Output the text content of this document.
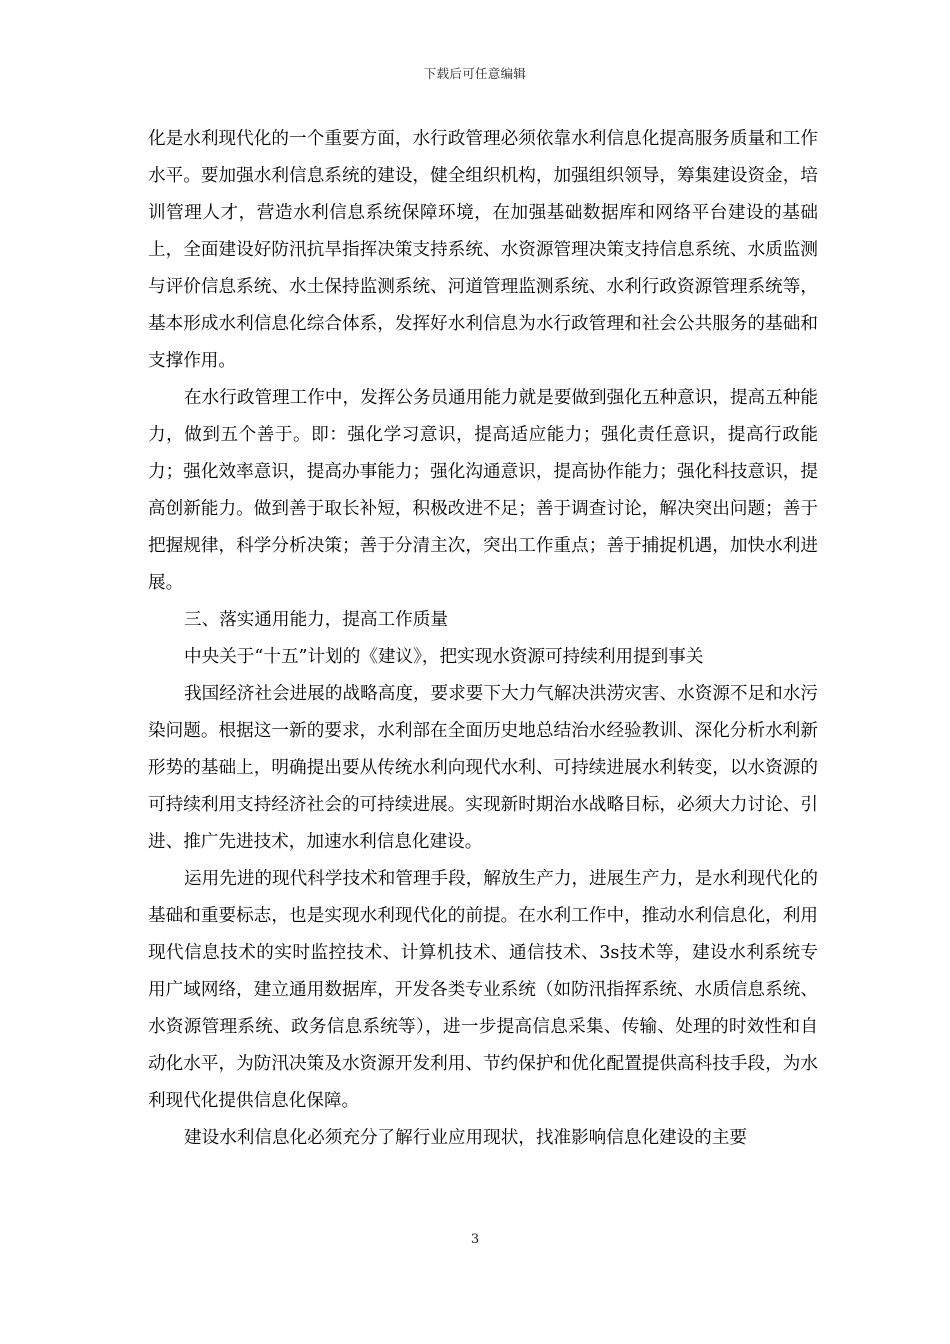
下载后可任意编辑

化是水利现代化的一个重要方面，水行政管理必须依靠水利信息化提高服务质量和工作水平。要加强水利信息系统的建设，健全组织机构，加强组织领导，筹集建设资金，培训管理人才，营造水利信息系统保障环境，在加强基础数据库和网络平台建设的基础上，全面建设好防汛抗旱指挥决策支持系统、水资源管理决策支持信息系统、水质监测与评价信息系统、水土保持监测系统、河道管理监测系统、水利行政资源管理系统等，基本形成水利信息化综合体系，发挥好水利信息为水行政管理和社会公共服务的基础和支撑作用。

在水行政管理工作中，发挥公务员通用能力就是要做到强化五种意识，提高五种能力，做到五个善于。即：强化学习意识，提高适应能力；强化责任意识，提高行政能力；强化效率意识，提高办事能力；强化沟通意识，提高协作能力；强化科技意识，提高创新能力。做到善于取长补短，积极改进不足；善于调查讨论，解决突出问题；善于把握规律，科学分析决策；善于分清主次，突出工作重点；善于捕捉机遇，加快水利进展。

三、落实通用能力，提高工作质量

中央关于“十五”计划的《建议》，把实现水资源可持续利用提到事关

我国经济社会进展的战略高度，要求要下大力气解决洪涝灾害、水资源不足和水污染问题。根据这一新的要求，水利部在全面历史地总结治水经验教训、深化分析水利新形势的基础上，明确提出要从传统水利向现代水利、可持续进展水利转变，以水资源的可持续利用支持经济社会的可持续进展。实现新时期治水战略目标，必须大力讨论、引进、推广先进技术，加速水利信息化建设。

运用先进的现代科学技术和管理手段，解放生产力，进展生产力，是水利现代化的基础和重要标志，也是实现水利现代化的前提。在水利工作中，推动水利信息化，利用现代信息技术的实时监控技术、计算机技术、通信技术、3s技术等，建设水利系统专用广域网络，建立通用数据库，开发各类专业系统（如防汛指挥系统、水质信息系统、水资源管理系统、政务信息系统等），进一步提高信息采集、传输、处理的时效性和自动化水平，为防汛决策及水资源开发利用、节约保护和优化配置提供高科技手段，为水利现代化提供信息化保障。

建设水利信息化必须充分了解行业应用现状，找准影响信息化建设的主要

3
